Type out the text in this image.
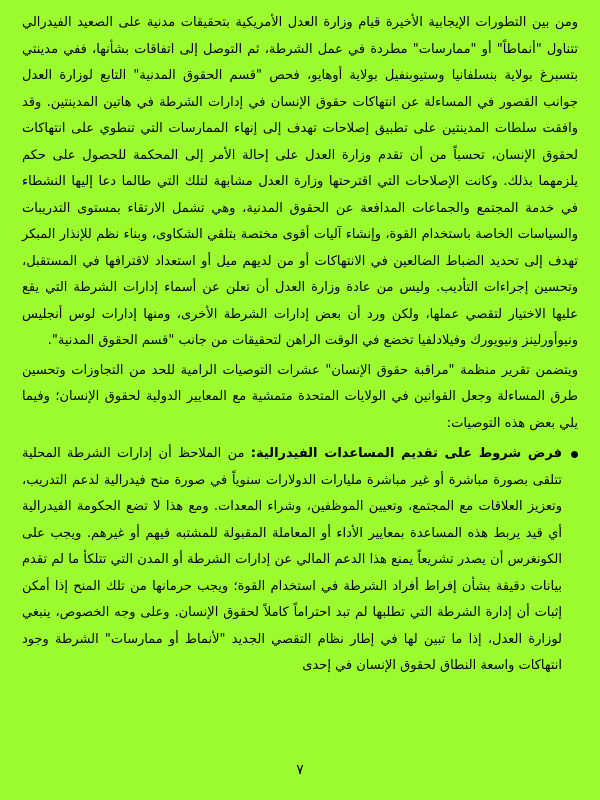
ومن بين التطورات الإيجابية الأخيرة قيام وزارة العدل الأمريكية بتحقيقات مدنية على الصعيد الفيدرالي تتناول "أنماطاً" أو "ممارسات" مطردة في عمل الشرطة، ثم التوصل إلى اتفاقات بشأنها، ففي مدينتي بتسبرغ بولاية بنسلفانيا وستيوبنفيل بولاية أوهايو، فحص "قسم الحقوق المدنية" التابع لوزارة العدل جوانب القصور في المساءلة عن انتهاكات حقوق الإنسان في إدارات الشرطة في هاتين المدينتين. وقد وافقت سلطات المدينتين على تطبيق إصلاحات تهدف إلى إنهاء الممارسات التي تنطوي على انتهاكات لحقوق الإنسان، تحسباً من أن تقدم وزارة العدل على إحالة الأمر إلى المحكمة للحصول على حكم يلزمهما بذلك. وكانت الإصلاحات التي اقترحتها وزارة العدل مشابهة لتلك التي طالما دعا إليها النشطاء في خدمة المجتمع والجماعات المدافعة عن الحقوق المدنية، وهي تشمل الارتقاء بمستوى التدريبات والسياسات الخاصة باستخدام القوة، وإنشاء آليات أقوى مختصة بتلقي الشكاوى، وبناء نظم للإنذار المبكر تهدف إلى تحديد الضباط الضالعين في الانتهاكات أو من لديهم ميل أو استعداد لاقترافها في المستقبل، وتحسين إجراءات التأديب. وليس من عادة وزارة العدل أن تعلن عن أسماء إدارات الشرطة التي يقع عليها الاختيار لتقصي عملها، ولكن ورد أن بعض إدارات الشرطة الأخرى، ومنها إدارات لوس أنجليس ونيوأورلينز ونيويورك وفيلادلفيا تخضع في الوقت الراهن لتحقيقات من جانب "قسم الحقوق المدنية".

ويتضمن تقرير منظمة "مراقبة حقوق الإنسان" عشرات التوصيات الرامية للحد من التجاوزات وتحسين طرق المساءلة وجعل القوانين في الولايات المتحدة متمشية مع المعايير الدولية لحقوق الإنسان؛ وفيما يلي بعض هذه التوصيات:

فرض شروط على تقديم المساعدات الفيدرالية: من الملاحظ أن إدارات الشرطة المحلية تتلقى بصورة مباشرة أو غير مباشرة مليارات الدولارات سنوياً في صورة منح فيدرالية لدعم التدريب، وتعزيز العلاقات مع المجتمع، وتعيين الموظفين، وشراء المعدات. ومع هذا لا تضع الحكومة الفيدرالية أي قيد يربط هذه المساعدة بمعايير الأداء أو المعاملة المقبولة للمشتبه فيهم أو غيرهم. ويجب على الكونغرس أن يصدر تشريعاً يمنع هذا الدعم المالي عن إدارات الشرطة أو المدن التي تتلكأ ما لم تقدم بيانات دقيقة بشأن إفراط أفراد الشرطة في استخدام القوة؛ ويجب حرمانها من تلك المنح إذا أمكن إثبات أن إدارة الشرطة التي تطلبها لم تبد احتراماً كاملاً لحقوق الإنسان. وعلى وجه الخصوص، ينبغي لوزارة العدل، إذا ما تبين لها في إطار نظام التقصي الجديد "لأنماط أو ممارسات" الشرطة وجود انتهاكات واسعة النطاق لحقوق الإنسان في إحدى

٧
